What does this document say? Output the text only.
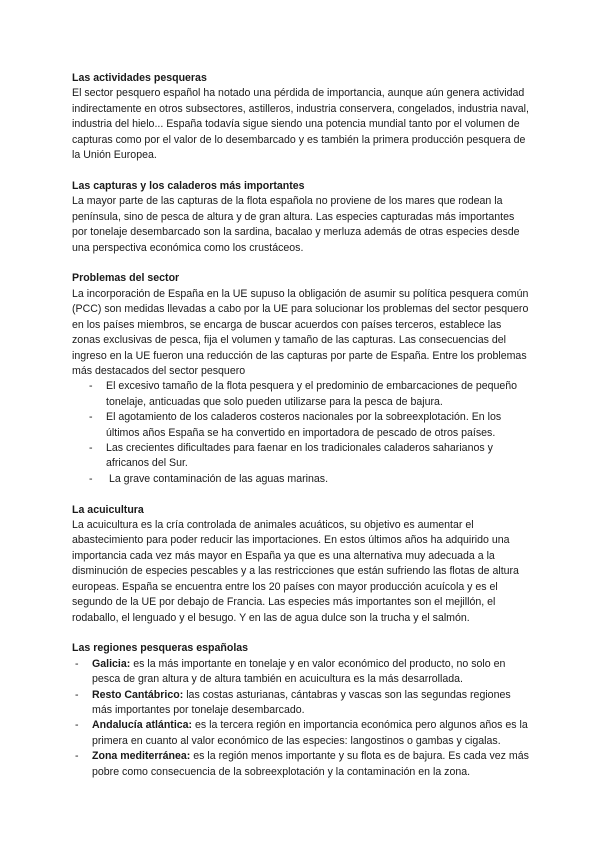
Las actividades pesqueras

El sector pesquero español ha notado una pérdida de importancia, aunque aún genera actividad indirectamente en otros subsectores, astilleros, industria conservera, congelados, industria naval, industria del hielo... España todavía sigue siendo una potencia mundial tanto por el volumen de capturas como por el valor de lo desembarcado y es también la primera producción pesquera de la Unión Europea.

Las capturas y los caladeros más importantes

La mayor parte de las capturas de la flota española no proviene de los mares que rodean la península, sino de pesca de altura y de gran altura. Las especies capturadas más importantes por tonelaje desembarcado son la sardina, bacalao y merluza además de otras especies desde una perspectiva económica como los crustáceos.

Problemas del sector

La incorporación de España en la UE supuso la obligación de asumir su política pesquera común (PCC) son medidas llevadas a cabo por la UE para solucionar los problemas del sector pesquero en los países miembros, se encarga de buscar acuerdos con países terceros, establece las zonas exclusivas de pesca, fija el volumen y tamaño de las capturas. Las consecuencias del ingreso en la UE fueron una reducción de las capturas por parte de España. Entre los problemas más destacados del sector pesquero

- El excesivo tamaño de la flota pesquera y el predominio de embarcaciones de pequeño tonelaje, anticuadas que solo pueden utilizarse para la pesca de bajura.
- El agotamiento de los caladeros costeros nacionales por la sobreexplotación. En los últimos años España se ha convertido en importadora de pescado de otros países.
- Las crecientes dificultades para faenar en los tradicionales caladeros saharianos y africanos del Sur.
- La grave contaminación de las aguas marinas.

La acuicultura

La acuicultura es la cría controlada de animales acuáticos, su objetivo es aumentar el abastecimiento para poder reducir las importaciones. En estos últimos años ha adquirido una importancia cada vez más mayor en España ya que es una alternativa muy adecuada a la disminución de especies pescables y a las restricciones que están sufriendo las flotas de altura europeas. España se encuentra entre los 20 países con mayor producción acuícola y es el segundo de la UE por debajo de Francia. Las especies más importantes son el mejillón, el rodaballo, el lenguado y el besugo. Y en las de agua dulce son la trucha y el salmón.

Las regiones pesqueras españolas

- Galicia: es la más importante en tonelaje y en valor económico del producto, no solo en pesca de gran altura y de altura también en acuicultura es la más desarrollada.
- Resto Cantábrico: las costas asturianas, cántabras y vascas son las segundas regiones más importantes por tonelaje desembarcado.
- Andalucía atlántica: es la tercera región en importancia económica pero algunos años es la primera en cuanto al valor económico de las especies: langostinos o gambas y cigalas.
- Zona mediterránea: es la región menos importante y su flota es de bajura. Es cada vez más pobre como consecuencia de la sobreexplotación y la contaminación en la zona.
